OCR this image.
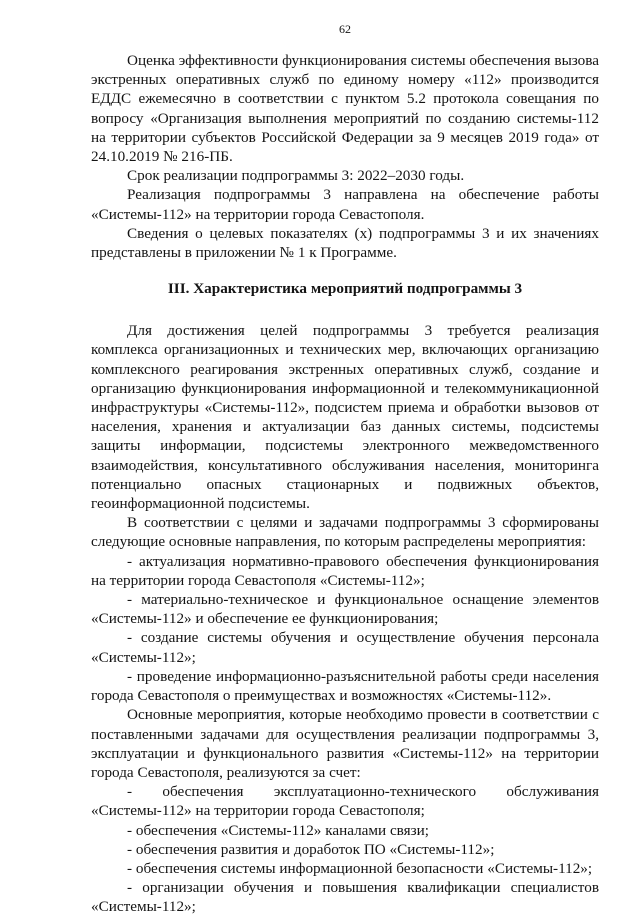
62

Оценка эффективности функционирования системы обеспечения вызова экстренных оперативных служб по единому номеру «112» производится ЕДДС ежемесячно в соответствии с пунктом 5.2 протокола совещания по вопросу «Организация выполнения мероприятий по созданию системы-112 на территории субъектов Российской Федерации за 9 месяцев 2019 года» от 24.10.2019 № 216-ПБ.

Срок реализации подпрограммы 3: 2022–2030 годы.

Реализация подпрограммы 3 направлена на обеспечение работы «Системы-112» на территории города Севастополя.

Сведения о целевых показателях (x) подпрограммы 3 и их значениях представлены в приложении № 1 к Программе.

III. Характеристика мероприятий подпрограммы 3

Для достижения целей подпрограммы 3 требуется реализация комплекса организационных и технических мер, включающих организацию комплексного реагирования экстренных оперативных служб, создание и организацию функционирования информационной и телекоммуникационной инфраструктуры «Системы-112», подсистем приема и обработки вызовов от населения, хранения и актуализации баз данных системы, подсистемы защиты информации, подсистемы электронного межведомственного взаимодействия, консультативного обслуживания населения, мониторинга потенциально опасных стационарных и подвижных объектов, геоинформационной подсистемы.

В соответствии с целями и задачами подпрограммы 3 сформированы следующие основные направления, по которым распределены мероприятия:

- актуализация нормативно-правового обеспечения функционирования на территории города Севастополя «Системы-112»;

- материально-техническое и функциональное оснащение элементов «Системы-112» и обеспечение ее функционирования;

- создание системы обучения и осуществление обучения персонала «Системы-112»;

- проведение информационно-разъяснительной работы среди населения города Севастополя о преимуществах и возможностях «Системы-112».

Основные мероприятия, которые необходимо провести в соответствии с поставленными задачами для осуществления реализации подпрограммы 3, эксплуатации и функционального развития «Системы-112» на территории города Севастополя, реализуются за счет:

- обеспечения эксплуатационно-технического обслуживания «Системы-112» на территории города Севастополя;

- обеспечения «Системы-112» каналами связи;

- обеспечения развития и доработок ПО «Системы-112»;

- обеспечения системы информационной безопасности «Системы-112»;

- организации обучения и повышения квалификации специалистов «Системы-112»;
